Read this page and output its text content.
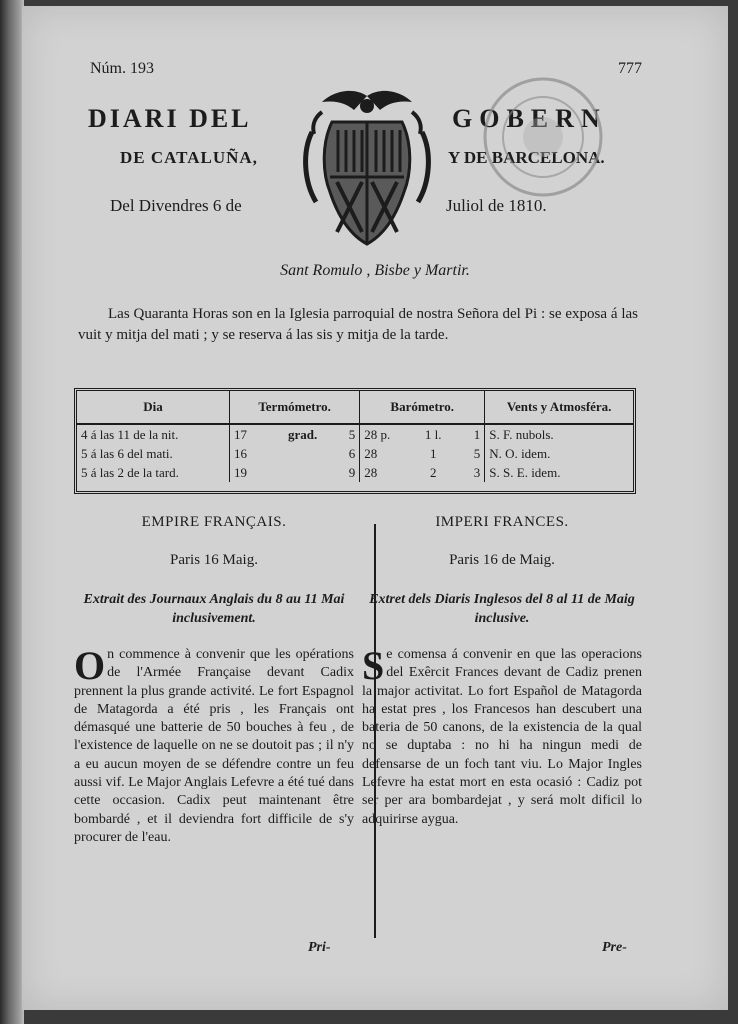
Núm. 193	777
DIARI DEL	GOBERN
DE CATALUÑA,	Y DE BARCELONA.
Del Divendres 6 de	Juliol de 1810.
Sant Romulo , Bisbe y Martir.
Las Quaranta Horas son en la Iglesia parroquial de nostra Señora del Pi : se exposa á las vuit y mitja del mati ; y se reserva á las sis y mitja de la tarde.
Dia	Termómetro.			Barómetro.			Vents y Atmosféra.
4 á las 11 de la nit.	17	grad.	5	28 p.	1 l.	1	S. F. nubols.
5 á las 6 del mati.	16		6	28	1	5	N. O. idem.
5 á las 2 de la tard.	19		9	28	2	3	S. S. E. idem.
EMPIRE FRANÇAIS.
Paris 16 Maig.
Extrait des Journaux Anglais du 8 au 11 Mai inclusivement.
On commence à convenir que les opérations de l'Armée Française devant Cadix prennent la plus grande activité. Le fort Espagnol de Matagorda a été pris , les Français ont démasqué une batterie de 50 bouches à feu , de l'existence de laquelle on ne se doutoit pas ; il n'y a eu aucun moyen de se défendre contre un feu aussi vif. Le Major Anglais Lefevre a été tué dans cette occasion. Cadix peut maintenant être bombardé , et il deviendra fort difficile de s'y procurer de l'eau.
Pri-
IMPERI FRANCES.
Paris 16 de Maig.
Extret dels Diaris Inglesos del 8 al 11 de Maig inclusive.
Se comensa á convenir en que las operacions del Exêrcit Frances devant de Cadiz prenen la major activitat. Lo fort Español de Matagorda ha estat pres , los Francesos han descubert una bateria de 50 canons, de la existencia de la qual no se duptaba : no hi ha ningun medi de defensarse de un foch tant viu. Lo Major Ingles Lefevre ha estat mort en esta ocasió : Cadiz pot ser per ara bombardejat , y será molt dificil lo adquirirse aygua.
Pre-
